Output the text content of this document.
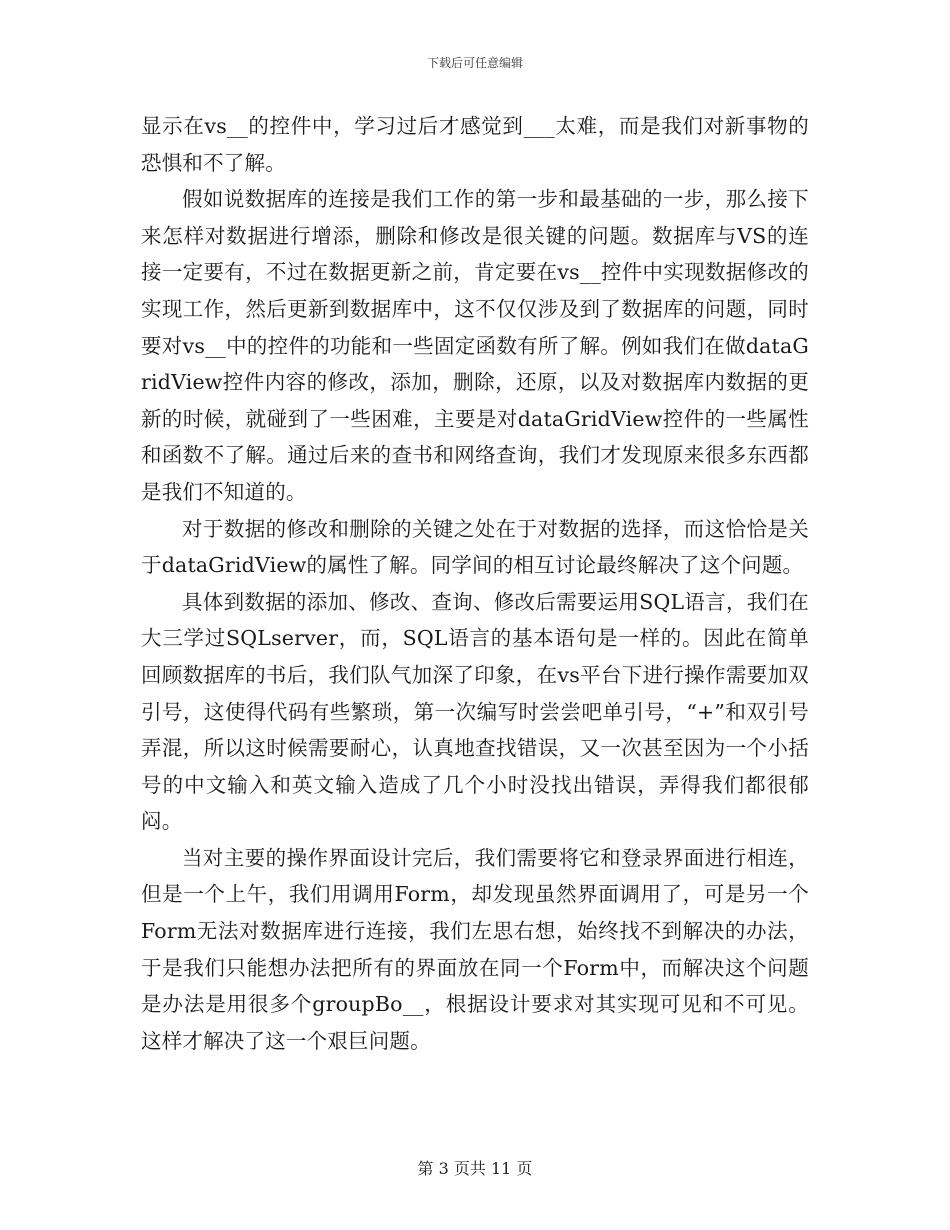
下载后可任意编辑

显示在vs__的控件中，学习过后才感觉到___太难，而是我们对新事物的恐惧和不了解。

假如说数据库的连接是我们工作的第一步和最基础的一步，那么接下来怎样对数据进行增添，删除和修改是很关键的问题。数据库与VS的连接一定要有，不过在数据更新之前，肯定要在vs__控件中实现数据修改的实现工作，然后更新到数据库中，这不仅仅涉及到了数据库的问题，同时要对vs__中的控件的功能和一些固定函数有所了解。例如我们在做dataGridView控件内容的修改，添加，删除，还原，以及对数据库内数据的更新的时候，就碰到了一些困难，主要是对dataGridView控件的一些属性和函数不了解。通过后来的查书和网络查询，我们才发现原来很多东西都是我们不知道的。

对于数据的修改和删除的关键之处在于对数据的选择，而这恰恰是关于dataGridView的属性了解。同学间的相互讨论最终解决了这个问题。

具体到数据的添加、修改、查询、修改后需要运用SQL语言，我们在大三学过SQLserver，而，SQL语言的基本语句是一样的。因此在简单回顾数据库的书后，我们队气加深了印象，在vs平台下进行操作需要加双引号，这使得代码有些繁琐，第一次编写时尝尝吧单引号，“+”和双引号弄混，所以这时候需要耐心，认真地查找错误，又一次甚至因为一个小括号的中文输入和英文输入造成了几个小时没找出错误，弄得我们都很郁闷。

当对主要的操作界面设计完后，我们需要将它和登录界面进行相连，但是一个上午，我们用调用Form，却发现虽然界面调用了，可是另一个Form无法对数据库进行连接，我们左思右想，始终找不到解决的办法，于是我们只能想办法把所有的界面放在同一个Form中，而解决这个问题是办法是用很多个groupBo__，根据设计要求对其实现可见和不可见。这样才解决了这一个艰巨问题。

第 3 页共 11 页
